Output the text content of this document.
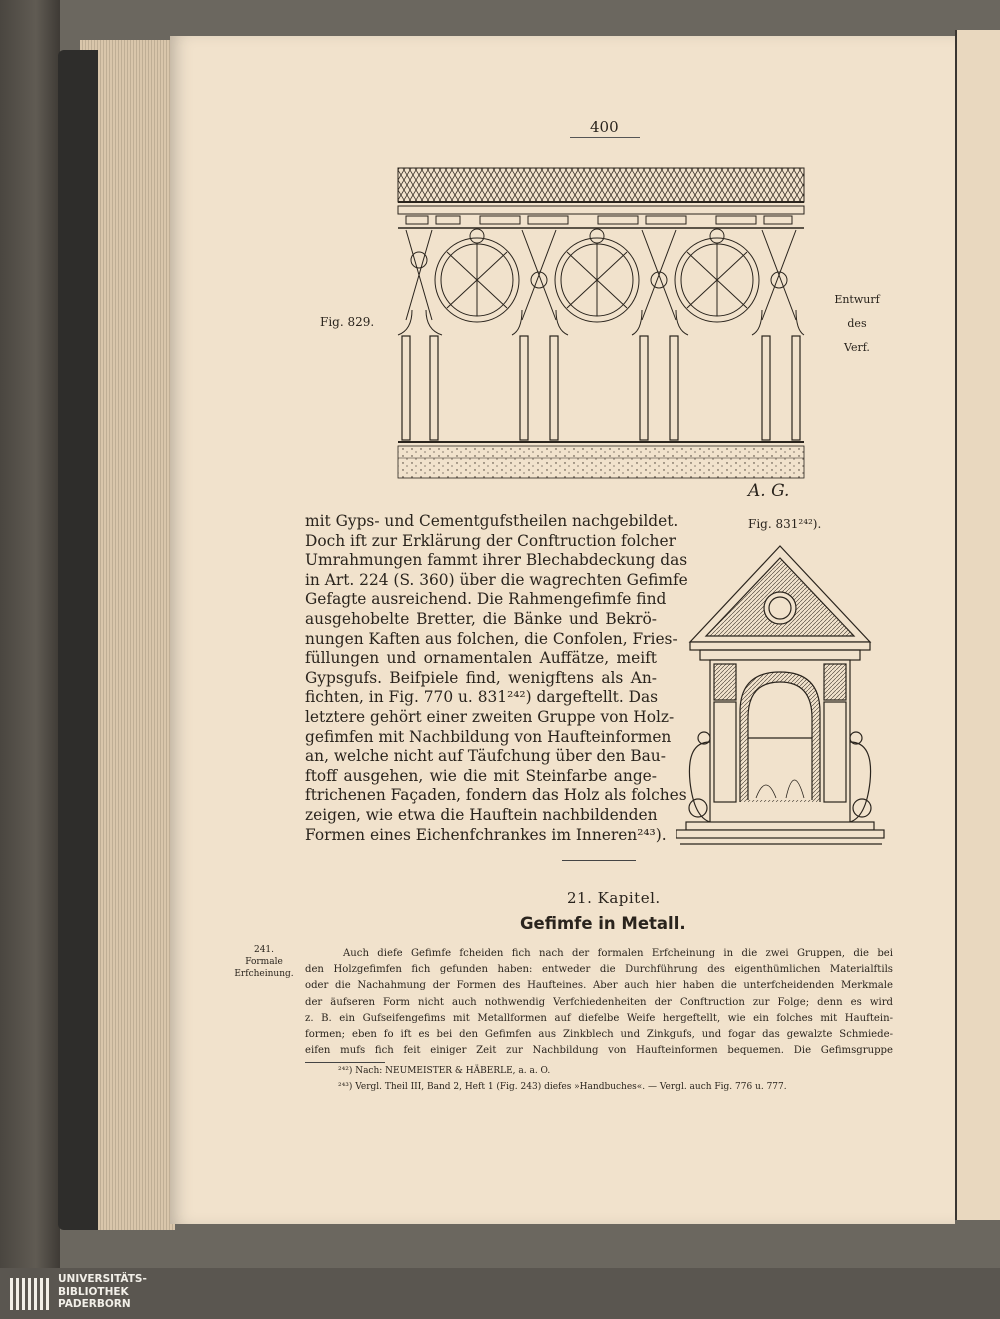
400
A. G.
Fig. 829.
Entwurf
des
Verf.
Fig. 831²⁴²).
mit Gyps- und Cementgufstheilen nachgebildet.
Doch ift zur Erklärung der Conftruction folcher
Umrahmungen fammt ihrer Blechabdeckung das
in Art. 224 (S. 360) über die wagrechten Gefimfe
Gefagte ausreichend. Die Rahmengefimfe find
ausgehobelte Bretter, die Bänke und Bekrö-
nungen Kaften aus folchen, die Confolen, Fries-
füllungen und ornamentalen Auffätze, meift
Gypsgufs. Beifpiele find, wenigftens als An-
fichten, in Fig. 770 u. 831²⁴²) dargeftellt. Das
letztere gehört einer zweiten Gruppe von Holz-
gefimfen mit Nachbildung von Haufteinformen
an, welche nicht auf Täufchung über den Bau-
ftoff ausgehen, wie die mit Steinfarbe ange-
ftrichenen Façaden, fondern das Holz als folches
zeigen, wie etwa die Hauftein nachbildenden
Formen eines Eichenfchrankes im Inneren²⁴³).
21. Kapitel.
Gefimfe in Metall.
241.
Formale
Erfcheinung.
Auch diefe Gefimfe fcheiden fich nach der formalen Erfcheinung in die zwei Gruppen, die bei
den Holzgefimfen fich gefunden haben: entweder die Durchführung des eigenthümlichen Materialftils
oder die Nachahmung der Formen des Haufteines. Aber auch hier haben die unterfcheidenden Merkmale
der äufseren Form nicht auch nothwendig Verfchiedenheiten der Conftruction zur Folge; denn es wird
z. B. ein Gufseifengefims mit Metallformen auf diefelbe Weife hergeftellt, wie ein folches mit Hauftein-
formen; eben fo ift es bei den Gefimfen aus Zinkblech und Zinkgufs, und fogar das gewalzte Schmiede-
eifen mufs fich feit einiger Zeit zur Nachbildung von Haufteinformen bequemen. Die Gefimsgruppe
²⁴²) Nach: NEUMEISTER & HÄBERLE, a. a. O.
²⁴³) Vergl. Theil III, Band 2, Heft 1 (Fig. 243) diefes »Handbuches«. — Vergl. auch Fig. 776 u. 777.
UNIVERSITÄTS-
BIBLIOTHEK
PADERBORN
